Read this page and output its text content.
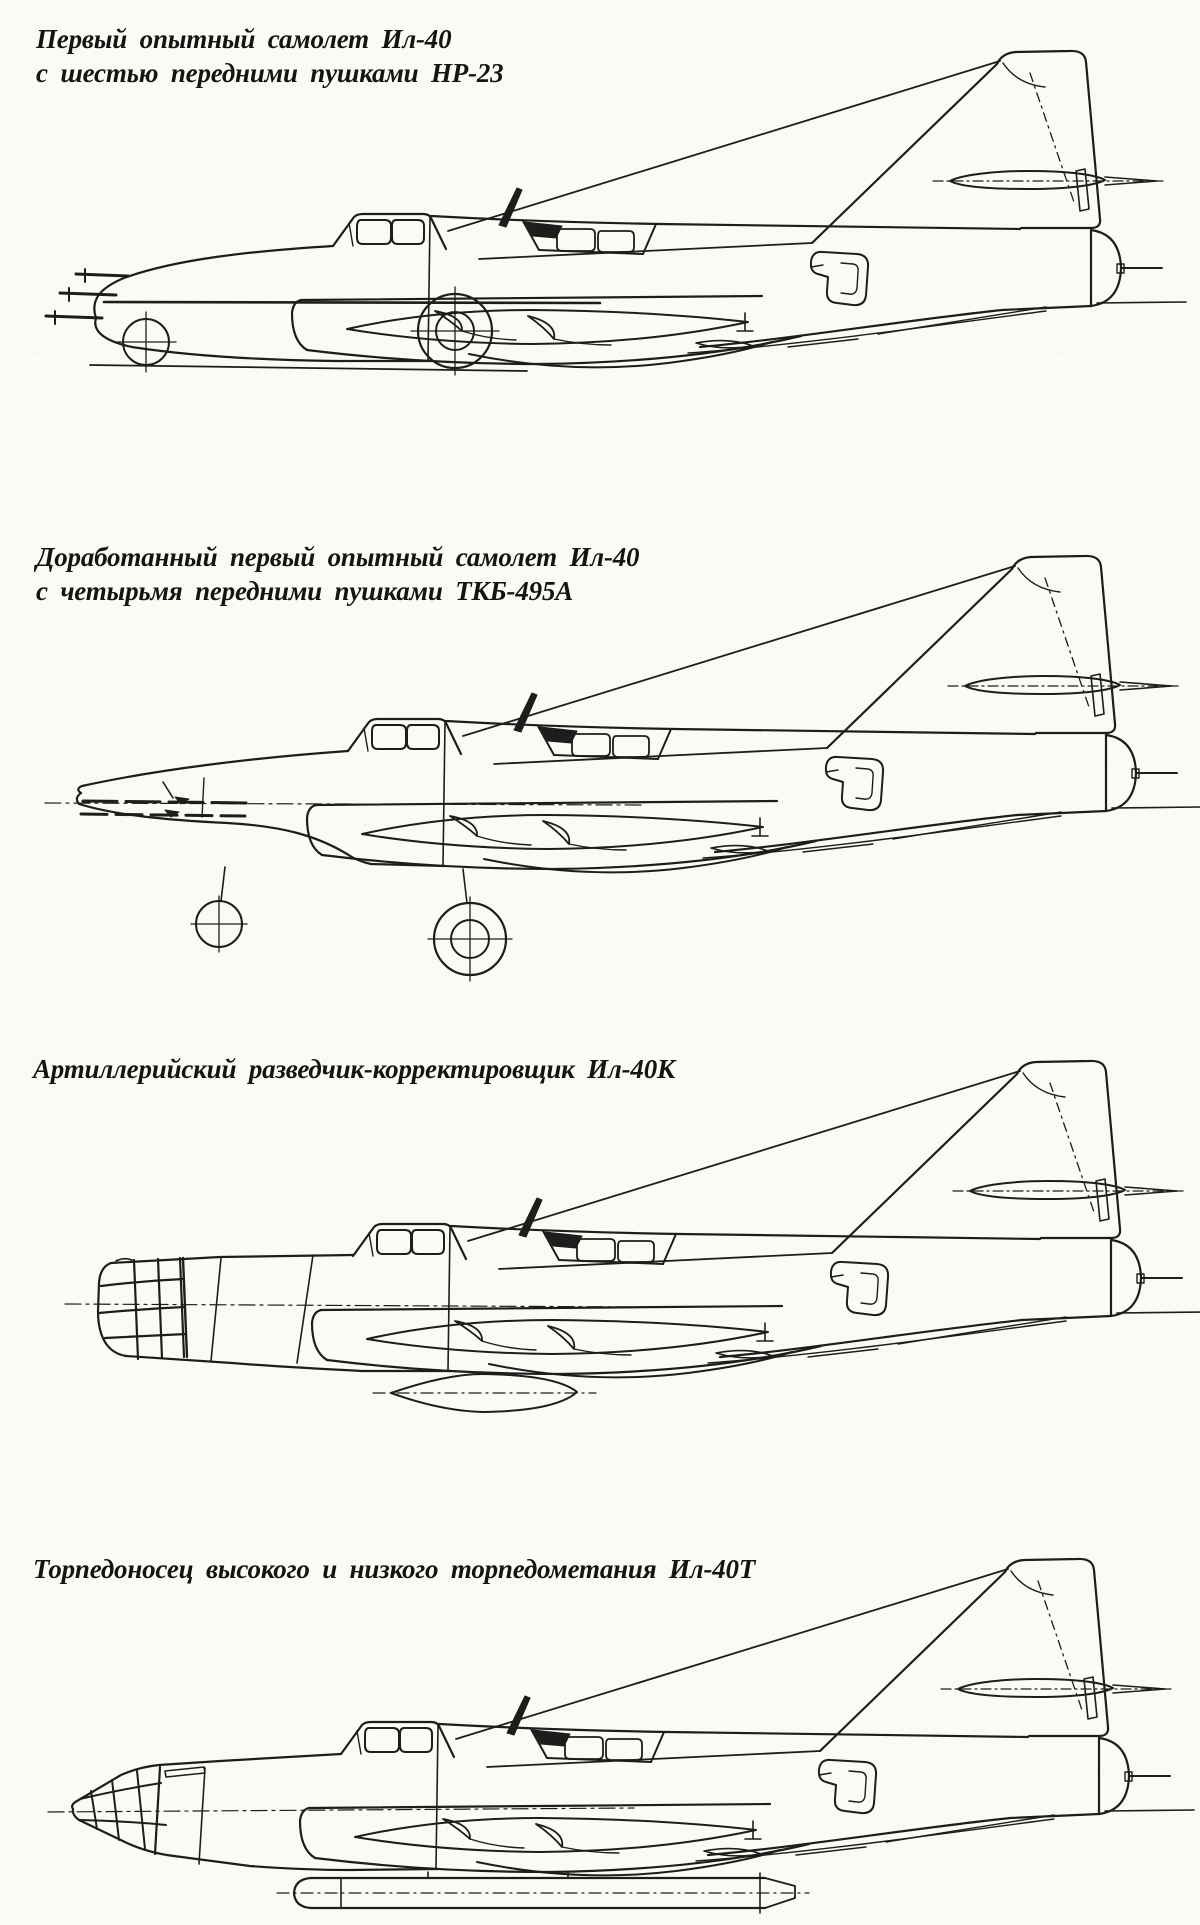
Первый опытный самолет Ил-40
с шестью передними пушками НР-23
Доработанный первый опытный самолет Ил-40
с четырьмя передними пушками ТКБ-495А
Артиллерийский разведчик-корректировщик Ил-40К
Торпедоносец высокого и низкого торпедометания Ил-40Т
